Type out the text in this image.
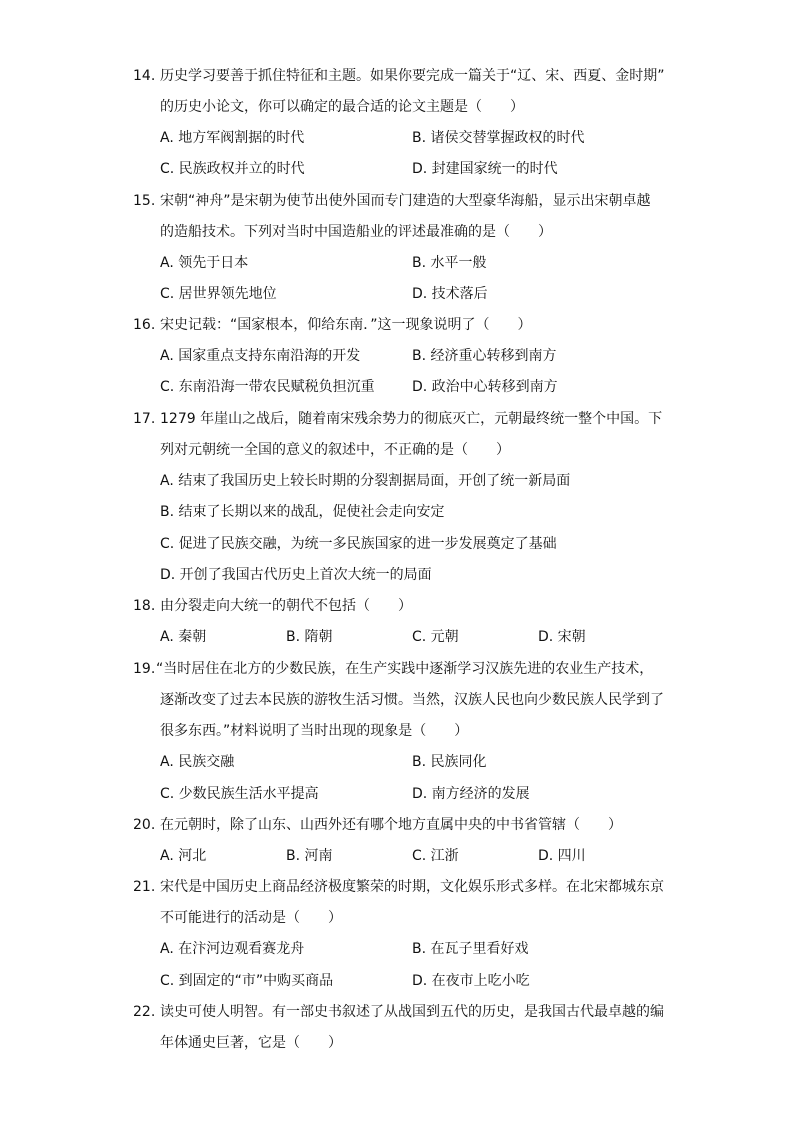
14. 历史学习要善于抓住特征和主题。如果你要完成一篇关于“辽、宋、西夏、金时期”
的历史小论文，你可以确定的最合适的论文主题是（　　）
A. 地方军阀割据的时代	B. 诸侯交替掌握政权的时代
C. 民族政权并立的时代	D. 封建国家统一的时代
15. 宋朝“神舟”是宋朝为使节出使外国而专门建造的大型豪华海船，显示出宋朝卓越
的造船技术。下列对当时中国造船业的评述最准确的是（　　）
A. 领先于日本	B. 水平一般
C. 居世界领先地位	D. 技术落后
16. 宋史记载：“国家根本，仰给东南．”这一现象说明了（　　）
A. 国家重点支持东南沿海的开发	B. 经济重心转移到南方
C. 东南沿海一带农民赋税负担沉重	D. 政治中心转移到南方
17. 1279 年崖山之战后，随着南宋残余势力的彻底灭亡，元朝最终统一整个中国。下
列对元朝统一全国的意义的叙述中，不正确的是（　　）
A. 结束了我国历史上较长时期的分裂割据局面，开创了统一新局面
B. 结束了长期以来的战乱，促使社会走向安定
C. 促进了民族交融，为统一多民族国家的进一步发展奠定了基础
D. 开创了我国古代历史上首次大统一的局面
18. 由分裂走向大统一的朝代不包括（　　）
A. 秦朝	B. 隋朝	C. 元朝	D. 宋朝
19. “当时居住在北方的少数民族，在生产实践中逐渐学习汉族先进的农业生产技术，
逐渐改变了过去本民族的游牧生活习惯。当然，汉族人民也向少数民族人民学到了
很多东西。”材料说明了当时出现的现象是（　　）
A. 民族交融	B. 民族同化
C. 少数民族生活水平提高	D. 南方经济的发展
20. 在元朝时，除了山东、山西外还有哪个地方直属中央的中书省管辖（　　）
A. 河北	B. 河南	C. 江浙	D. 四川
21. 宋代是中国历史上商品经济极度繁荣的时期，文化娱乐形式多样。在北宋都城东京
不可能进行的活动是（　　）
A. 在汴河边观看赛龙舟	B. 在瓦子里看好戏
C. 到固定的“市”中购买商品	D. 在夜市上吃小吃
22. 读史可使人明智。有一部史书叙述了从战国到五代的历史，是我国古代最卓越的编
年体通史巨著，它是（　　）
